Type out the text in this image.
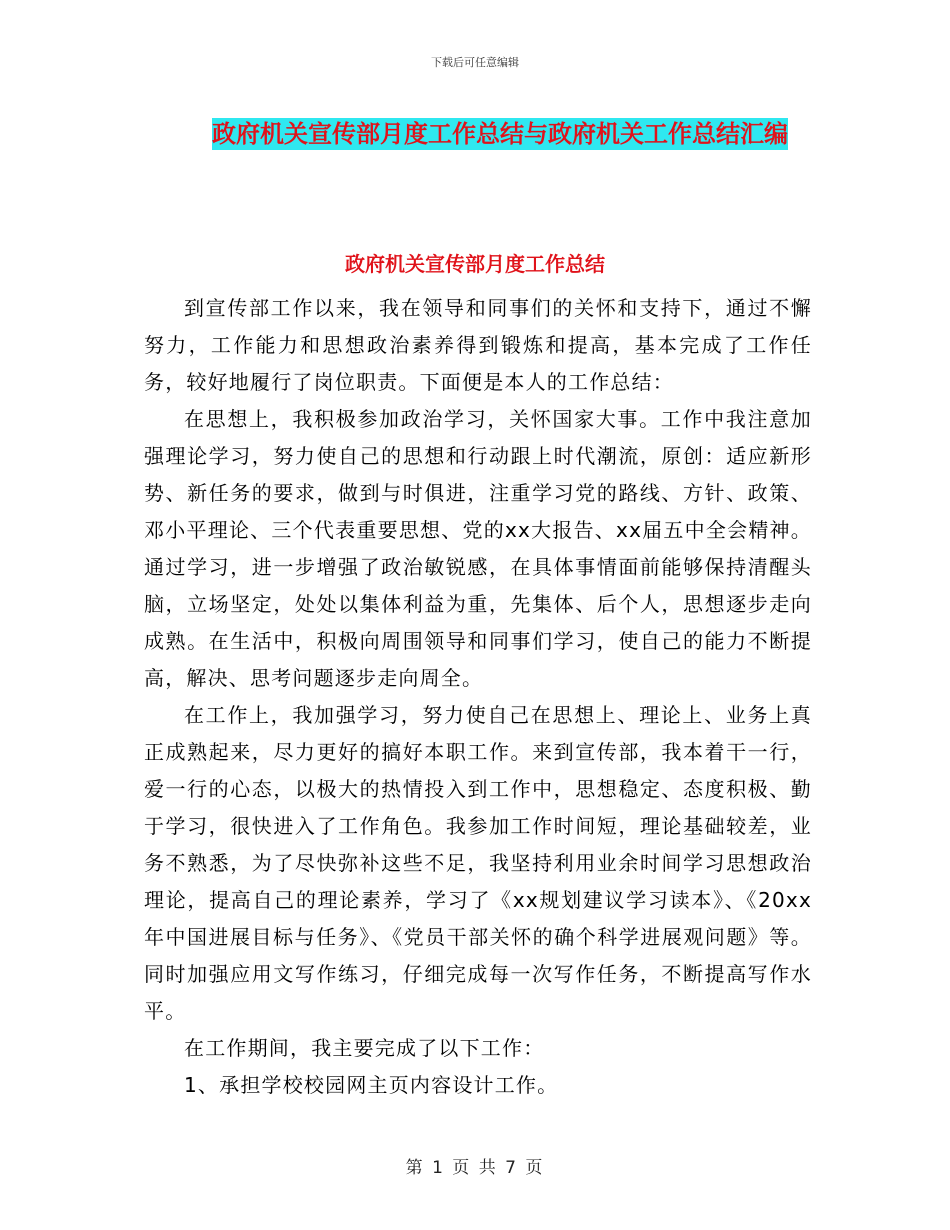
下载后可任意编辑
政府机关宣传部月度工作总结与政府机关工作总结汇编
政府机关宣传部月度工作总结

到宣传部工作以来，我在领导和同事们的关怀和支持下，通过不懈努力，工作能力和思想政治素养得到锻炼和提高，基本完成了工作任务，较好地履行了岗位职责。下面便是本人的工作总结：

在思想上，我积极参加政治学习，关怀国家大事。工作中我注意加强理论学习，努力使自己的思想和行动跟上时代潮流，原创：适应新形势、新任务的要求，做到与时俱进，注重学习党的路线、方针、政策、邓小平理论、三个代表重要思想、党的xx大报告、xx届五中全会精神。通过学习，进一步增强了政治敏锐感，在具体事情面前能够保持清醒头脑，立场坚定，处处以集体利益为重，先集体、后个人，思想逐步走向成熟。在生活中，积极向周围领导和同事们学习，使自己的能力不断提高，解决、思考问题逐步走向周全。

在工作上，我加强学习，努力使自己在思想上、理论上、业务上真正成熟起来，尽力更好的搞好本职工作。来到宣传部，我本着干一行，爱一行的心态，以极大的热情投入到工作中，思想稳定、态度积极、勤于学习，很快进入了工作角色。我参加工作时间短，理论基础较差，业务不熟悉，为了尽快弥补这些不足，我坚持利用业余时间学习思想政治理论，提高自己的理论素养，学习了《xx规划建议学习读本》、《20xx年中国进展目标与任务》、《党员干部关怀的确个科学进展观问题》等。同时加强应用文写作练习，仔细完成每一次写作任务，不断提高写作水平。

在工作期间，我主要完成了以下工作：

1、承担学校校园网主页内容设计工作。

第 1 页 共 7 页
